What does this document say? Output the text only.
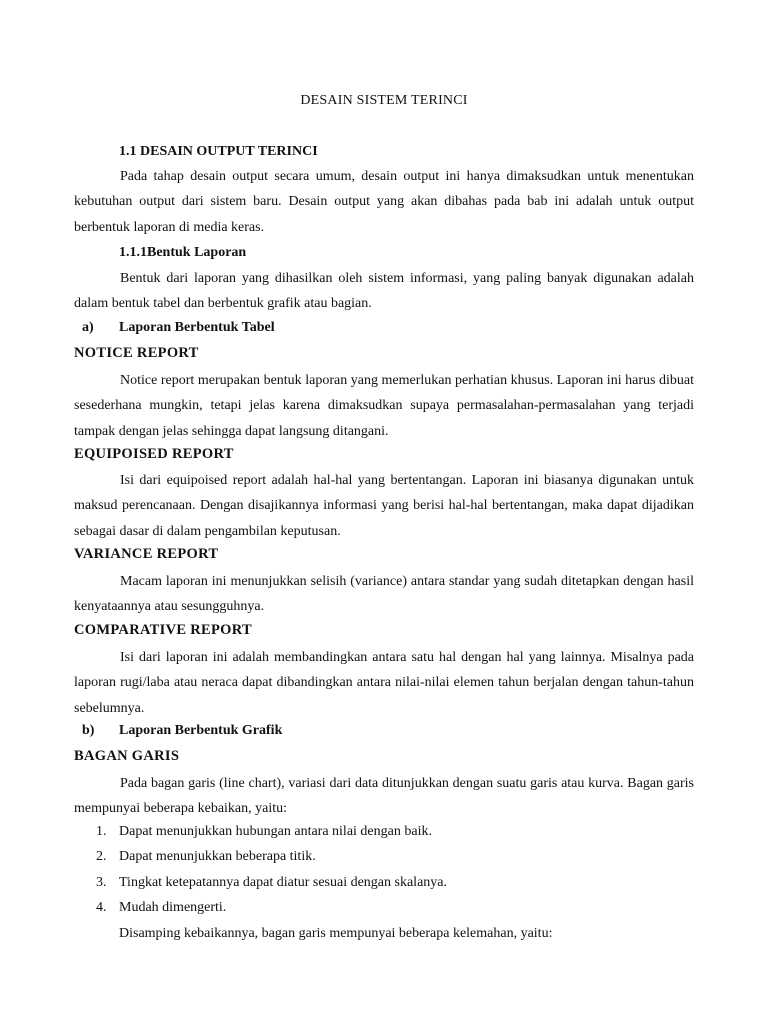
DESAIN SISTEM TERINCI

1.1 DESAIN OUTPUT TERINCI

Pada tahap desain output secara umum, desain output ini hanya dimaksudkan untuk menentukan kebutuhan output dari sistem baru. Desain output yang akan dibahas pada bab ini adalah untuk output berbentuk laporan di media keras.

1.1.1Bentuk Laporan

Bentuk dari laporan yang dihasilkan oleh sistem informasi, yang paling banyak digunakan adalah dalam bentuk tabel dan berbentuk grafik atau bagian.

a) Laporan Berbentuk Tabel

NOTICE REPORT

Notice report merupakan bentuk laporan yang memerlukan perhatian khusus. Laporan ini harus dibuat sesederhana mungkin, tetapi jelas karena dimaksudkan supaya permasalahan-permasalahan yang terjadi tampak dengan jelas sehingga dapat langsung ditangani.

EQUIPOISED REPORT

Isi dari equipoised report adalah hal-hal yang bertentangan. Laporan ini biasanya digunakan untuk maksud perencanaan. Dengan disajikannya informasi yang berisi hal-hal bertentangan, maka dapat dijadikan sebagai dasar di dalam pengambilan keputusan.

VARIANCE REPORT

Macam laporan ini menunjukkan selisih (variance) antara standar yang sudah ditetapkan dengan hasil kenyataannya atau sesungguhnya.

COMPARATIVE REPORT

Isi dari laporan ini adalah membandingkan antara satu hal dengan hal yang lainnya. Misalnya pada laporan rugi/laba atau neraca dapat dibandingkan antara nilai-nilai elemen tahun berjalan dengan tahun-tahun sebelumnya.

b) Laporan Berbentuk Grafik

BAGAN GARIS

Pada bagan garis (line chart), variasi dari data ditunjukkan dengan suatu garis atau kurva. Bagan garis mempunyai beberapa kebaikan, yaitu:

1. Dapat menunjukkan hubungan antara nilai dengan baik.

2. Dapat menunjukkan beberapa titik.

3. Tingkat ketepatannya dapat diatur sesuai dengan skalanya.

4. Mudah dimengerti.

Disamping kebaikannya, bagan garis mempunyai beberapa kelemahan, yaitu:
